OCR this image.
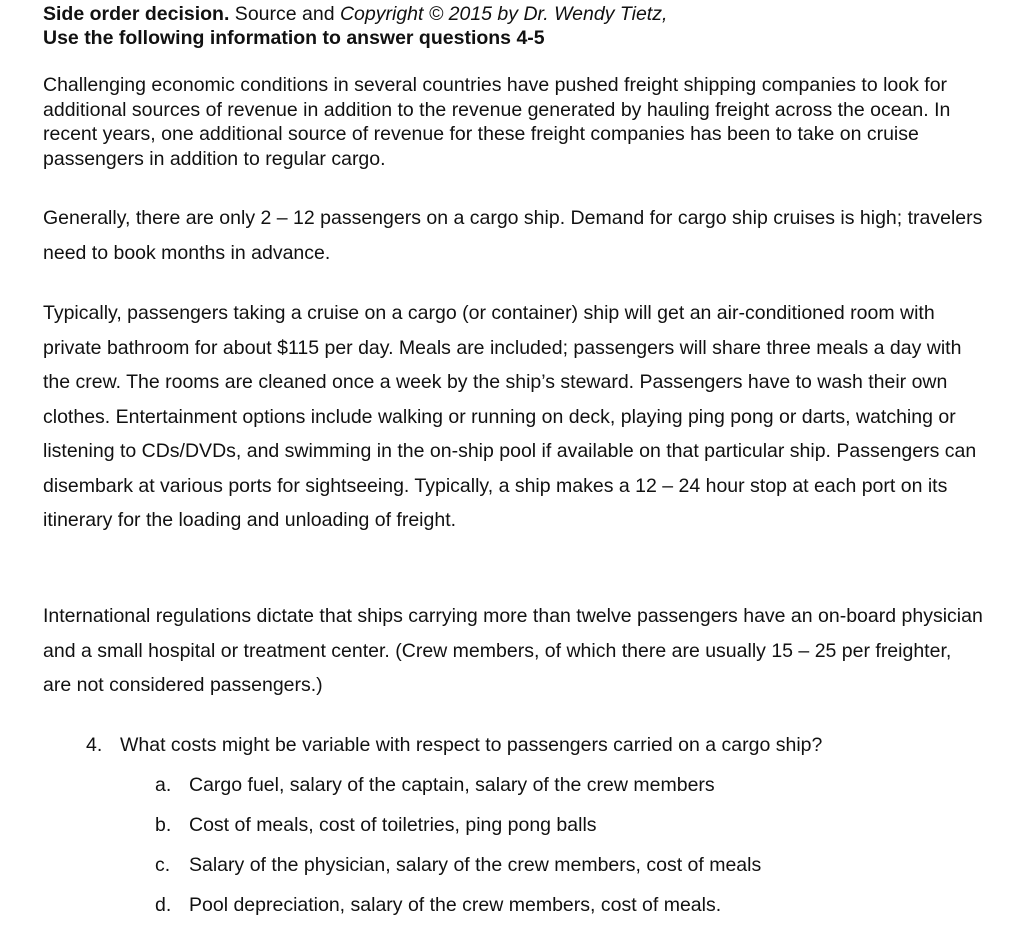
Side order decision. Source and Copyright © 2015 by Dr. Wendy Tietz,
Use the following information to answer questions 4-5

Challenging economic conditions in several countries have pushed freight shipping companies to look for additional sources of revenue in addition to the revenue generated by hauling freight across the ocean. In recent years, one additional source of revenue for these freight companies has been to take on cruise passengers in addition to regular cargo.

Generally, there are only 2 – 12 passengers on a cargo ship. Demand for cargo ship cruises is high; travelers need to book months in advance.

Typically, passengers taking a cruise on a cargo (or container) ship will get an air-conditioned room with private bathroom for about $115 per day. Meals are included; passengers will share three meals a day with the crew. The rooms are cleaned once a week by the ship’s steward. Passengers have to wash their own clothes. Entertainment options include walking or running on deck, playing ping pong or darts, watching or listening to CDs/DVDs, and swimming in the on-ship pool if available on that particular ship. Passengers can disembark at various ports for sightseeing. Typically, a ship makes a 12 – 24 hour stop at each port on its itinerary for the loading and unloading of freight.

International regulations dictate that ships carrying more than twelve passengers have an on-board physician and a small hospital or treatment center. (Crew members, of which there are usually 15 – 25 per freighter, are not considered passengers.)

4. What costs might be variable with respect to passengers carried on a cargo ship?
a. Cargo fuel, salary of the captain, salary of the crew members
b. Cost of meals, cost of toiletries, ping pong balls
c. Salary of the physician, salary of the crew members, cost of meals
d. Pool depreciation, salary of the crew members, cost of meals.
